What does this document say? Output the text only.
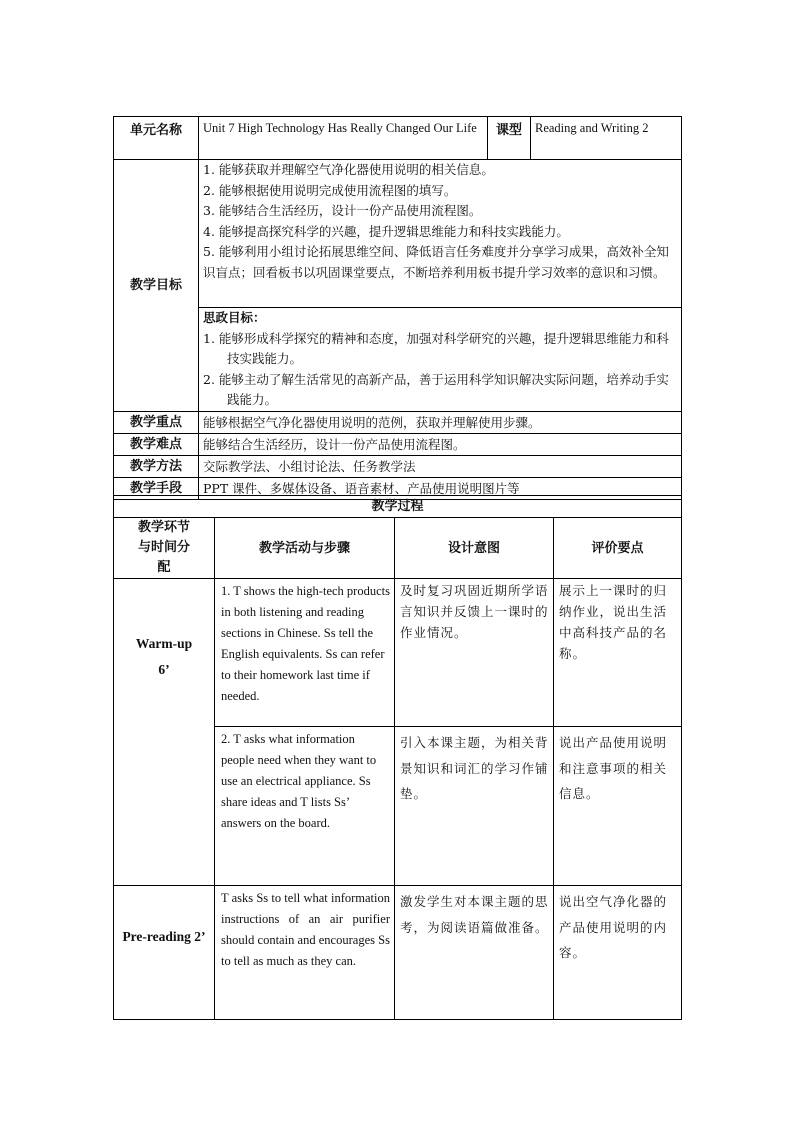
单元名称	Unit 7 High Technology Has Really Changed Our Life	课型	Reading and Writing 2
教学目标	1. 能够获取并理解空气净化器使用说明的相关信息。
2. 能够根据使用说明完成使用流程图的填写。
3. 能够结合生活经历，设计一份产品使用流程图。
4. 能够提高探究科学的兴趣，提升逻辑思维能力和科技实践能力。
5. 能够利用小组讨论拓展思维空间、降低语言任务难度并分享学习成果，高效补全知识盲点；回看板书以巩固课堂要点，不断培养利用板书提升学习效率的意识和习惯。		

	思政目标：
1. 能够形成科学探究的精神和态度，加强对科学研究的兴趣，提升逻辑思维能力和科技实践能力。
2. 能够主动了解生活常见的高新产品，善于运用科学知识解决实际问题，培养动手实践能力。		

教学重点	能够根据空气净化器使用说明的范例，获取并理解使用步骤。		
教学难点	能够结合生活经历，设计一份产品使用流程图。		
教学方法	交际教学法、小组讨论法、任务教学法		
教学手段	PPT 课件、多媒体设备、语音素材、产品使用说明图片等		
教学过程			

教学环节与时间分配	教学活动与步骤	设计意图	评价要点

Warm-up 6’	1. T shows the high-tech products in both listening and reading sections in Chinese. Ss tell the English equivalents. Ss can refer to their homework last time if needed.	及时复习巩固近期所学语言知识并反馈上一课时的作业情况。	展示上一课时的归纳作业，说出生活中高科技产品的名称。
	2. T asks what information people need when they want to use an electrical appliance. Ss share ideas and T lists Ss’ answers on the board.	引入本课主题，为相关背景知识和词汇的学习作铺垫。	说出产品使用说明和注意事项的相关信息。

Pre-reading 2’	T asks Ss to tell what information instructions of an air purifier should contain and encourages Ss to tell as much as they can.	激发学生对本课主题的思考，为阅读语篇做准备。	说出空气净化器的产品使用说明的内容。
